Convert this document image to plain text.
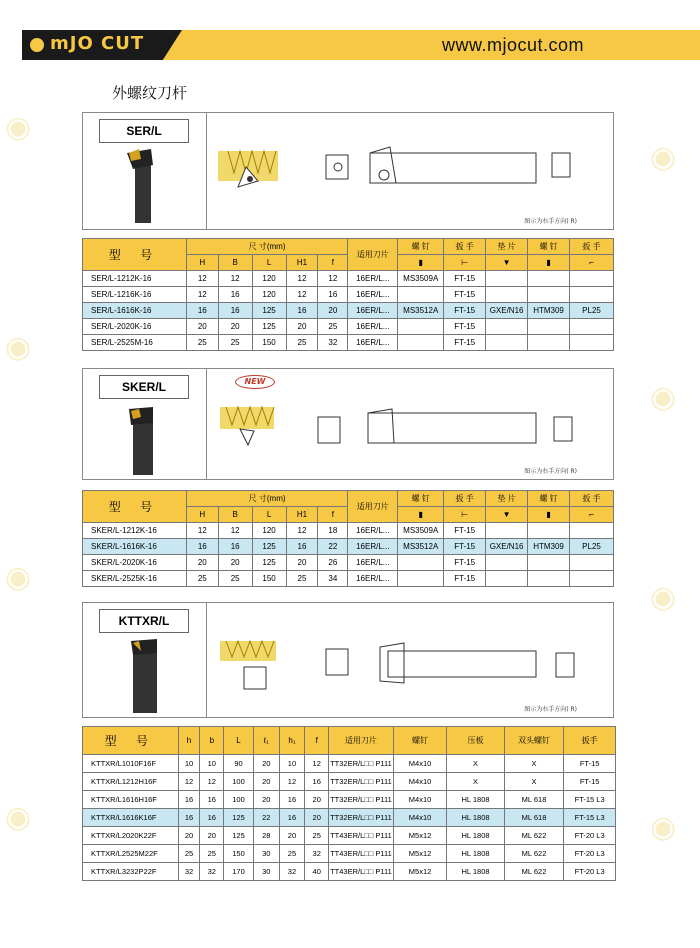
◉
◉
◉
◉
◉
◉
◉	◉
mJO CUT	www.mjocut.com
外螺纹刀杆
SER/L
图示为右手方向( R)
型 号	尺 寸(mm)					适用刀片	螺 钉	扳 手	垫 片	螺 钉	扳 手
	H	B	L	H1	f		▮	⊢	▼	▮	⌐
SER/L-1212K-16	12	12	120	12	12	16ER/L...	MS3509A	FT-15			
SER/L-1216K-16	12	16	120	12	16	16ER/L...		FT-15			
SER/L-1616K-16	16	16	125	16	20	16ER/L...	MS3512A	FT-15	GXE/N16	HTM309	PL25
SER/L-2020K-16	20	20	125	20	25	16ER/L...		FT-15			
SER/L-2525M-16	25	25	150	25	32	16ER/L...		FT-15			
SKER/L	NEW
图示为右手方向( R)
型 号	尺 寸(mm)					适用刀片	螺 钉	扳 手	垫 片	螺 钉	扳 手
	H	B	L	H1	f		▮	⊢	▼	▮	⌐
SKER/L-1212K-16	12	12	120	12	18	16ER/L...	MS3509A	FT-15			
SKER/L-1616K-16	16	16	125	16	22	16ER/L...	MS3512A	FT-15	GXE/N16	HTM309	PL25
SKER/L-2020K-16	20	20	125	20	26	16ER/L...		FT-15			
SKER/L-2525K-16	25	25	150	25	34	16ER/L...		FT-15			
KTTXR/L
图示为右手方向( R)
型 号	h	b	L	ℓ₁	h₁	f	适用刀片	螺钉	压板	双头螺钉	扳手
KTTXR/L1010F16F	10	10	90	20	10	12	TT32ER/L□□ P111	M4x10	X	X	FT-15
KTTXR/L1212H16F	12	12	100	20	12	16	TT32ER/L□□ P111	M4x10	X	X	FT-15
KTTXR/L1616H16F	16	16	100	20	16	20	TT32ER/L□□ P111	M4x10	HL 1808	ML 618	FT-15 L3
KTTXR/L1616K16F	16	16	125	22	16	20	TT32ER/L□□ P111	M4x10	HL 1808	ML 618	FT-15 L3
KTTXR/L2020K22F	20	20	125	28	20	25	TT43ER/L□□ P111	M5x12	HL 1808	ML 622	FT-20 L3
KTTXR/L2525M22F	25	25	150	30	25	32	TT43ER/L□□ P111	M5x12	HL 1808	ML 622	FT-20 L3
KTTXR/L3232P22F	32	32	170	30	32	40	TT43ER/L□□ P111	M5x12	HL 1808	ML 622	FT-20 L3
